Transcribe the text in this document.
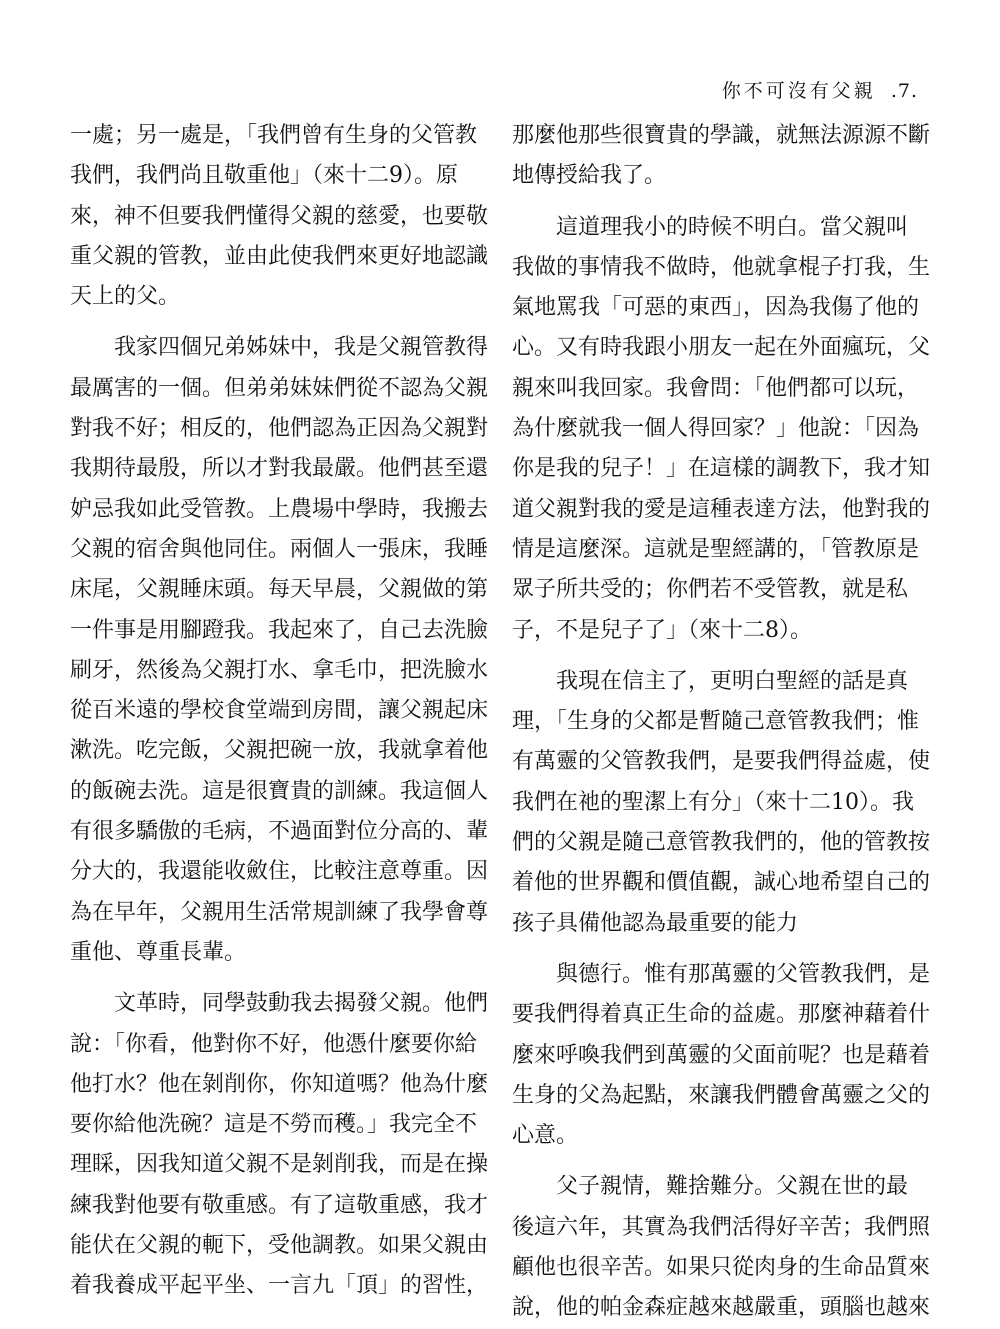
你不可沒有父親 .7.

一處；另一處是，「我們曾有生身的父管教
我們，我們尚且敬重他」（來十二9）。原
來，神不但要我們懂得父親的慈愛，也要敬
重父親的管教，並由此使我們來更好地認識
天上的父。

我家四個兄弟姊妹中，我是父親管教得
最厲害的一個。但弟弟妹妹們從不認為父親
對我不好；相反的，他們認為正因為父親對
我期待最殷，所以才對我最嚴。他們甚至還
妒忌我如此受管教。上農場中學時，我搬去
父親的宿舍與他同住。兩個人一張床，我睡
床尾，父親睡床頭。每天早晨，父親做的第
一件事是用腳蹬我。我起來了，自己去洗臉
刷牙，然後為父親打水、拿毛巾，把洗臉水
從百米遠的學校食堂端到房間，讓父親起床
漱洗。吃完飯，父親把碗一放，我就拿着他
的飯碗去洗。這是很寶貴的訓練。我這個人
有很多驕傲的毛病，不過面對位分高的、輩
分大的，我還能收斂住，比較注意尊重。因
為在早年，父親用生活常規訓練了我學會尊
重他、尊重長輩。

文革時，同學鼓動我去揭發父親。他們
說：「你看，他對你不好，他憑什麼要你給
他打水？他在剝削你，你知道嗎？他為什麼
要你給他洗碗？這是不勞而穫。」我完全不
理睬，因我知道父親不是剝削我，而是在操
練我對他要有敬重感。有了這敬重感，我才
能伏在父親的軛下，受他調教。如果父親由
着我養成平起平坐、一言九「頂」的習性，

那麼他那些很寶貴的學識，就無法源源不斷
地傳授給我了。

這道理我小的時候不明白。當父親叫
我做的事情我不做時，他就拿棍子打我，生
氣地罵我「可惡的東西」，因為我傷了他的
心。又有時我跟小朋友一起在外面瘋玩，父
親來叫我回家。我會問：「他們都可以玩，
為什麼就我一個人得回家？」他說：「因為
你是我的兒子！」在這樣的調教下，我才知
道父親對我的愛是這種表達方法，他對我的
情是這麼深。這就是聖經講的，「管教原是
眾子所共受的；你們若不受管教，就是私
子，不是兒子了」（來十二8）。

我現在信主了，更明白聖經的話是真
理，「生身的父都是暫隨己意管教我們；惟
有萬靈的父管教我們，是要我們得益處，使
我們在祂的聖潔上有分」（來十二10）。我
們的父親是隨己意管教我們的，他的管教按
着他的世界觀和價值觀，誠心地希望自己的
孩子具備他認為最重要的能力

與德行。惟有那萬靈的父管教我們，是
要我們得着真正生命的益處。那麼神藉着什
麼來呼喚我們到萬靈的父面前呢？也是藉着
生身的父為起點，來讓我們體會萬靈之父的
心意。

父子親情，難捨難分。父親在世的最
後這六年，其實為我們活得好辛苦；我們照
顧他也很辛苦。如果只從肉身的生命品質來
說，他的帕金森症越來越嚴重，頭腦也越來
